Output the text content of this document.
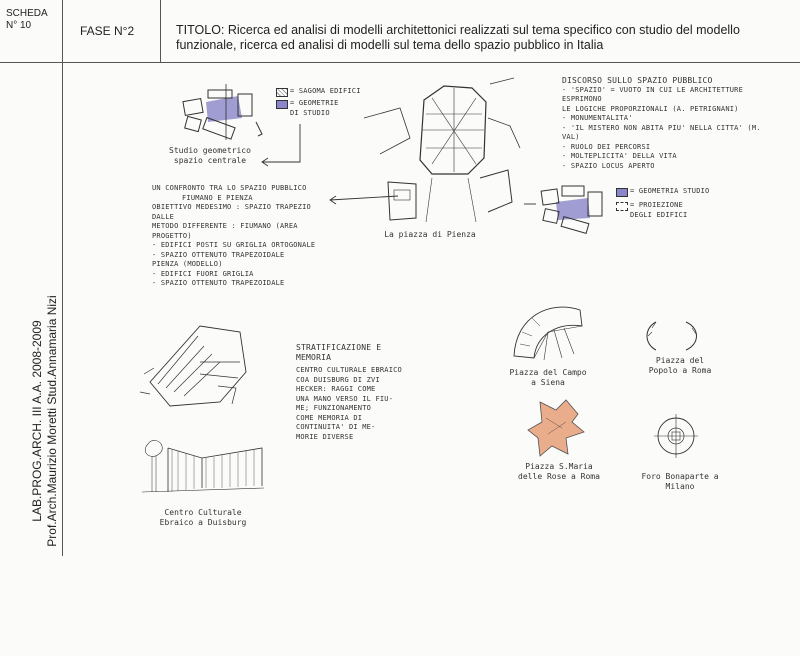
SCHEDA
N° 10	FASE N°2	TITOLO: Ricerca ed analisi di modelli architettonici realizzati sul tema specifico con studio del modello funzionale, ricerca ed analisi di modelli sul tema dello spazio pubblico in Italia
LAB.PROG.ARCH. III A.A. 2008-2009 Prof.Arch.Maurizio Moretti Stud.Annamaria Nizi
= SAGOMA EDIFICI
= GEOMETRIE DI STUDIO
Studio geometrico spazio centrale
UN CONFRONTO TRA LO SPAZIO PUBBLICO
FIUMANO E PIENZA
OBIETTIVO MEDESIMO : SPAZIO TRAPEZIO
DALLE
METODO DIFFERENTE : FIUMANO (AREA
PROGETTO)
- EDIFICI POSTI SU GRIGLIA ORTOGONALE
- SPAZIO OTTENUTO TRAPEZOIDALE
PIENZA (MODELLO)
- EDIFICI FUORI GRIGLIA
- SPAZIO OTTENUTO TRAPEZOIDALE
La piazza di Pienza
DISCORSO SULLO SPAZIO PUBBLICO
- 'SPAZIO' = VUOTO IN CUI LE ARCHITETTURE ESPRIMONO
LE LOGICHE PROPORZIONALI (A. PETRIGNANI)
- MONUMENTALITA'
- 'IL MISTERO NON ABITA PIU' NELLA CITTA' (M. VAL)
- RUOLO DEI PERCORSI
- MOLTEPLICITA' DELLA VITA
- SPAZIO LOCUS APERTO
= GEOMETRIA STUDIO
= PROIEZIONE DEGLI EDIFICI
Centro Culturale Ebraico a Duisburg
STRATIFICAZIONE E MEMORIA
CENTRO CULTURALE EBRAICO
COA DUISBURG DI ZVI
HECKER: RAGGI COME
UNA MANO VERSO IL FIU-
ME; FUNZIONAMENTO
COME MEMORIA DI
CONTINUITA' DI ME-
MORIE DIVERSE
Piazza del Campo a Siena
Piazza del Popolo a Roma
Piazza S.Maria delle Rose a Roma	Foro Bonaparte a Milano
